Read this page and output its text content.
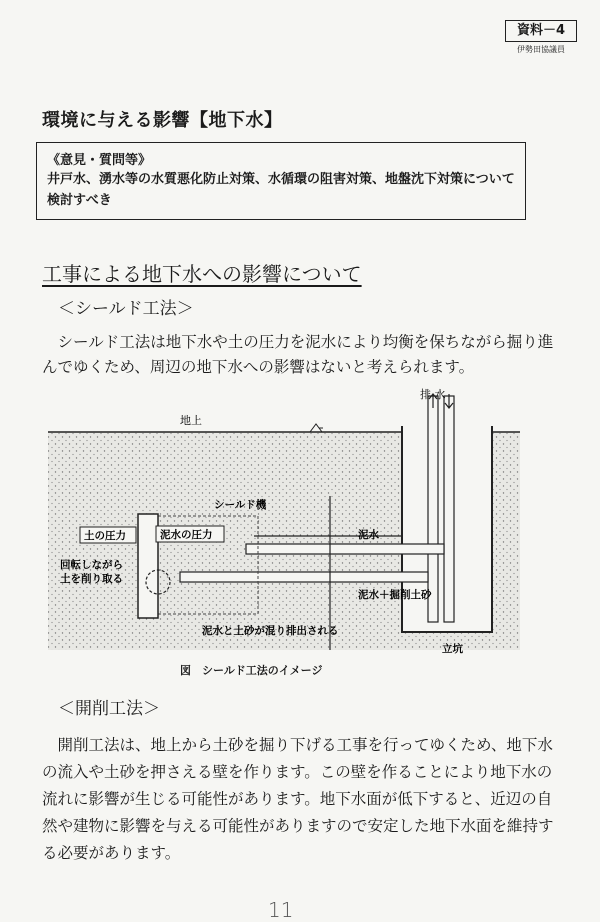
資料－4
伊勢田協議員
環境に与える影響【地下水】
《意見・質問等》
井戸水、湧水等の水質悪化防止対策、水循環の阻害対策、地盤沈下対策について検討すべき
工事による地下水への影響について
＜シールド工法＞
　シールド工法は地下水や土の圧力を泥水により均衡を保ちながら掘り進んでゆくため、周辺の地下水への影響はないと考えられます。
地上
排 水
シールド機
土の圧力	泥水の圧力
回転しながら
土を削り取る
泥水
泥水＋掘削土砂
泥水と土砂が混り排出される
立坑
図　シールド工法のイメージ
＜開削工法＞
　開削工法は、地上から土砂を掘り下げる工事を行ってゆくため、地下水の流入や土砂を押さえる壁を作ります。この壁を作ることにより地下水の流れに影響が生じる可能性があります。地下水面が低下すると、近辺の自然や建物に影響を与える可能性がありますので安定した地下水面を維持する必要があります。
11
